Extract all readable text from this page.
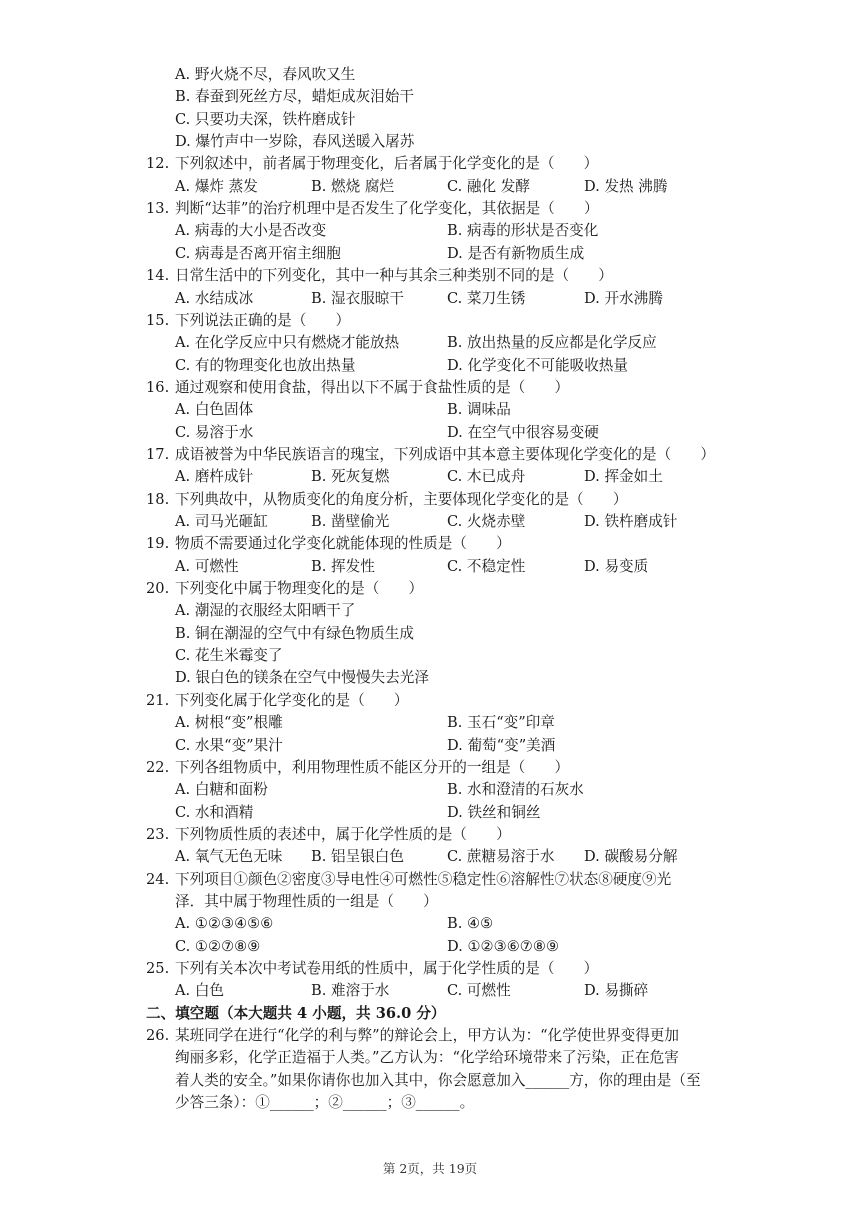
A. 野火烧不尽，春风吹又生
B. 春蚕到死丝方尽，蜡炬成灰泪始干
C. 只要功夫深，铁杵磨成针
D. 爆竹声中一岁除，春风送暖入屠苏
12. 下列叙述中，前者属于物理变化，后者属于化学变化的是（　　）
A. 爆炸 蒸发	B. 燃烧 腐烂	C. 融化 发酵	D. 发热 沸腾
13. 判断“达菲”的治疗机理中是否发生了化学变化，其依据是（　　）
A. 病毒的大小是否改变	B. 病毒的形状是否变化
C. 病毒是否离开宿主细胞	D. 是否有新物质生成
14. 日常生活中的下列变化，其中一种与其余三种类别不同的是（　　）
A. 水结成冰	B. 湿衣服晾干	C. 菜刀生锈	D. 开水沸腾
15. 下列说法正确的是（　　）
A. 在化学反应中只有燃烧才能放热	B. 放出热量的反应都是化学反应
C. 有的物理变化也放出热量	D. 化学变化不可能吸收热量
16. 通过观察和使用食盐，得出以下不属于食盐性质的是（　　）
A. 白色固体	B. 调味品
C. 易溶于水	D. 在空气中很容易变硬
17. 成语被誉为中华民族语言的瑰宝，下列成语中其本意主要体现化学变化的是（　　）
A. 磨杵成针	B. 死灰复燃	C. 木已成舟	D. 挥金如土
18. 下列典故中，从物质变化的角度分析，主要体现化学变化的是（　　）
A. 司马光砸缸	B. 凿壁偷光	C. 火烧赤壁	D. 铁杵磨成针
19. 物质不需要通过化学变化就能体现的性质是（　　）
A. 可燃性	B. 挥发性	C. 不稳定性	D. 易变质
20. 下列变化中属于物理变化的是（　　）
A. 潮湿的衣服经太阳晒干了
B. 铜在潮湿的空气中有绿色物质生成
C. 花生米霉变了
D. 银白色的镁条在空气中慢慢失去光泽
21. 下列变化属于化学变化的是（　　）
A. 树根“变”根雕	B. 玉石“变”印章
C. 水果“变”果汁	D. 葡萄“变”美酒
22. 下列各组物质中，利用物理性质不能区分开的一组是（　　）
A. 白糖和面粉	B. 水和澄清的石灰水
C. 水和酒精	D. 铁丝和铜丝
23. 下列物质性质的表述中，属于化学性质的是（　　）
A. 氧气无色无味 B. 铝呈银白色	C. 蔗糖易溶于水 D. 碳酸易分解
24. 下列项目①颜色②密度③导电性④可燃性⑤稳定性⑥溶解性⑦状态⑧硬度⑨光
泽．其中属于物理性质的一组是（　　）
A. ①②③④⑤⑥	B. ④⑤
C. ①②⑦⑧⑨	D. ①②③⑥⑦⑧⑨
25. 下列有关本次中考试卷用纸的性质中，属于化学性质的是（　　）
A. 白色	B. 难溶于水	C. 可燃性	D. 易撕碎
二、填空题（本大题共 4 小题，共 36.0 分）
26. 某班同学在进行“化学的利与弊”的辩论会上，甲方认为：“化学使世界变得更加
绚丽多彩，化学正造福于人类。”乙方认为：“化学给环境带来了污染，正在危害
着人类的安全。”如果你请你也加入其中，你会愿意加入______方，你的理由是（至
少答三条）：①______；②______；③______。
第 2页，共 19页
